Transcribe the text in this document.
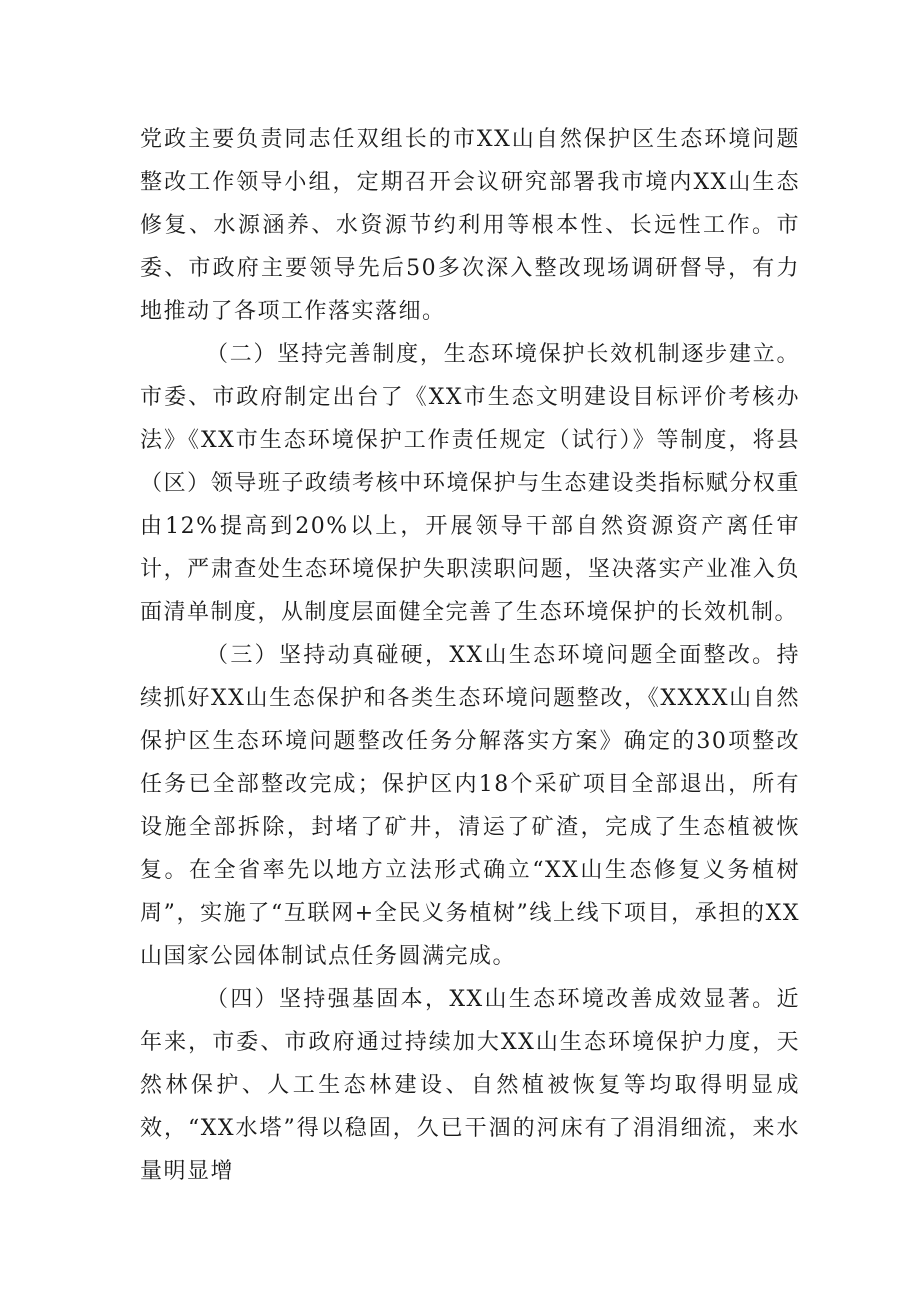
党政主要负责同志任双组长的市XX山自然保护区生态环境问题整改工作领导小组，定期召开会议研究部署我市境内XX山生态修复、水源涵养、水资源节约利用等根本性、长远性工作。市委、市政府主要领导先后50多次深入整改现场调研督导，有力地推动了各项工作落实落细。

（二）坚持完善制度，生态环境保护长效机制逐步建立。市委、市政府制定出台了《XX市生态文明建设目标评价考核办法》《XX市生态环境保护工作责任规定（试行）》等制度，将县（区）领导班子政绩考核中环境保护与生态建设类指标赋分权重由12%提高到20%以上，开展领导干部自然资源资产离任审计，严肃查处生态环境保护失职渎职问题，坚决落实产业准入负面清单制度，从制度层面健全完善了生态环境保护的长效机制。

（三）坚持动真碰硬，XX山生态环境问题全面整改。持续抓好XX山生态保护和各类生态环境问题整改，《XXXX山自然保护区生态环境问题整改任务分解落实方案》确定的30项整改任务已全部整改完成；保护区内18个采矿项目全部退出，所有设施全部拆除，封堵了矿井，清运了矿渣，完成了生态植被恢复。在全省率先以地方立法形式确立“XX山生态修复义务植树周”，实施了“互联网+全民义务植树”线上线下项目，承担的XX山国家公园体制试点任务圆满完成。

（四）坚持强基固本，XX山生态环境改善成效显著。近年来，市委、市政府通过持续加大XX山生态环境保护力度，天然林保护、人工生态林建设、自然植被恢复等均取得明显成效，“XX水塔”得以稳固，久已干涸的河床有了涓涓细流，来水量明显增
